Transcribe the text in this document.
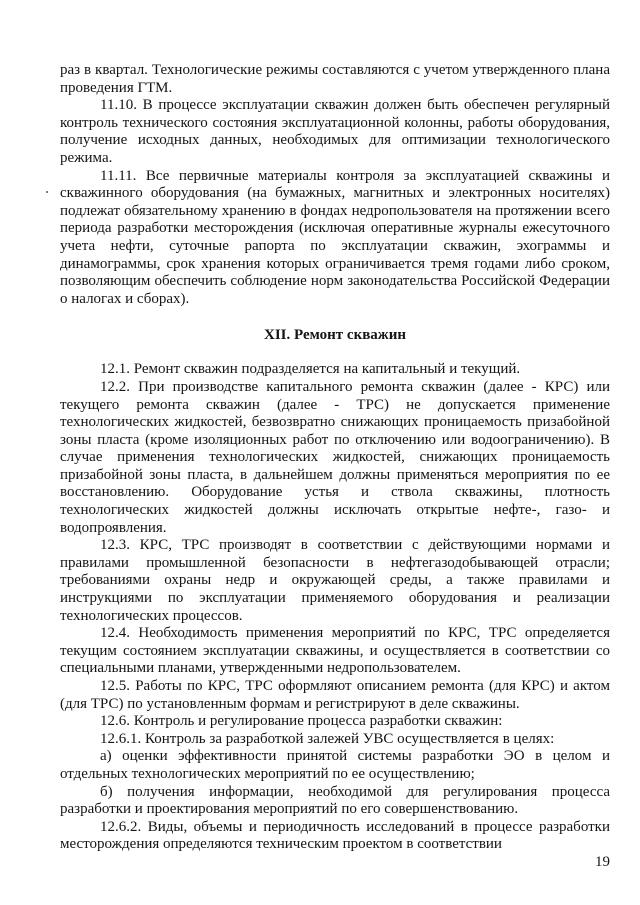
раз в квартал. Технологические режимы составляются с учетом утвержденного плана проведения ГТМ.

11.10. В процессе эксплуатации скважин должен быть обеспечен регулярный контроль технического состояния эксплуатационной колонны, работы оборудования, получение исходных данных, необходимых для оптимизации технологического режима.

11.11. Все первичные материалы контроля за эксплуатацией скважины и скважинного оборудования (на бумажных, магнитных и электронных носителях) подлежат обязательному хранению в фондах недропользователя на протяжении всего периода разработки месторождения (исключая оперативные журналы ежесуточного учета нефти, суточные рапорта по эксплуатации скважин, эхограммы и динамограммы, срок хранения которых ограничивается тремя годами либо сроком, позволяющим обеспечить соблюдение норм законодательства Российской Федерации о налогах и сборах).

XII. Ремонт скважин

12.1. Ремонт скважин подразделяется на капитальный и текущий.

12.2. При производстве капитального ремонта скважин (далее - КРС) или текущего ремонта скважин (далее - ТРС) не допускается применение технологических жидкостей, безвозвратно снижающих проницаемость призабойной зоны пласта (кроме изоляционных работ по отключению или водоограничению). В случае применения технологических жидкостей, снижающих проницаемость призабойной зоны пласта, в дальнейшем должны применяться мероприятия по ее восстановлению. Оборудование устья и ствола скважины, плотность технологических жидкостей должны исключать открытые нефте-, газо- и водопроявления.

12.3. КРС, ТРС производят в соответствии с действующими нормами и правилами промышленной безопасности в нефтегазодобывающей отрасли; требованиями охраны недр и окружающей среды, а также правилами и инструкциями по эксплуатации применяемого оборудования и реализации технологических процессов.

12.4. Необходимость применения мероприятий по КРС, ТРС определяется текущим состоянием эксплуатации скважины, и осуществляется в соответствии со специальными планами, утвержденными недропользователем.

12.5. Работы по КРС, ТРС оформляют описанием ремонта (для КРС) и актом (для ТРС) по установленным формам и регистрируют в деле скважины.

12.6. Контроль и регулирование процесса разработки скважин:

12.6.1. Контроль за разработкой залежей УВС осуществляется в целях:

а) оценки эффективности принятой системы разработки ЭО в целом и отдельных технологических мероприятий по ее осуществлению;

б) получения информации, необходимой для регулирования процесса разработки и проектирования мероприятий по его совершенствованию.

12.6.2. Виды, объемы и периодичность исследований в процессе разработки месторождения определяются техническим проектом в соответствии

19
